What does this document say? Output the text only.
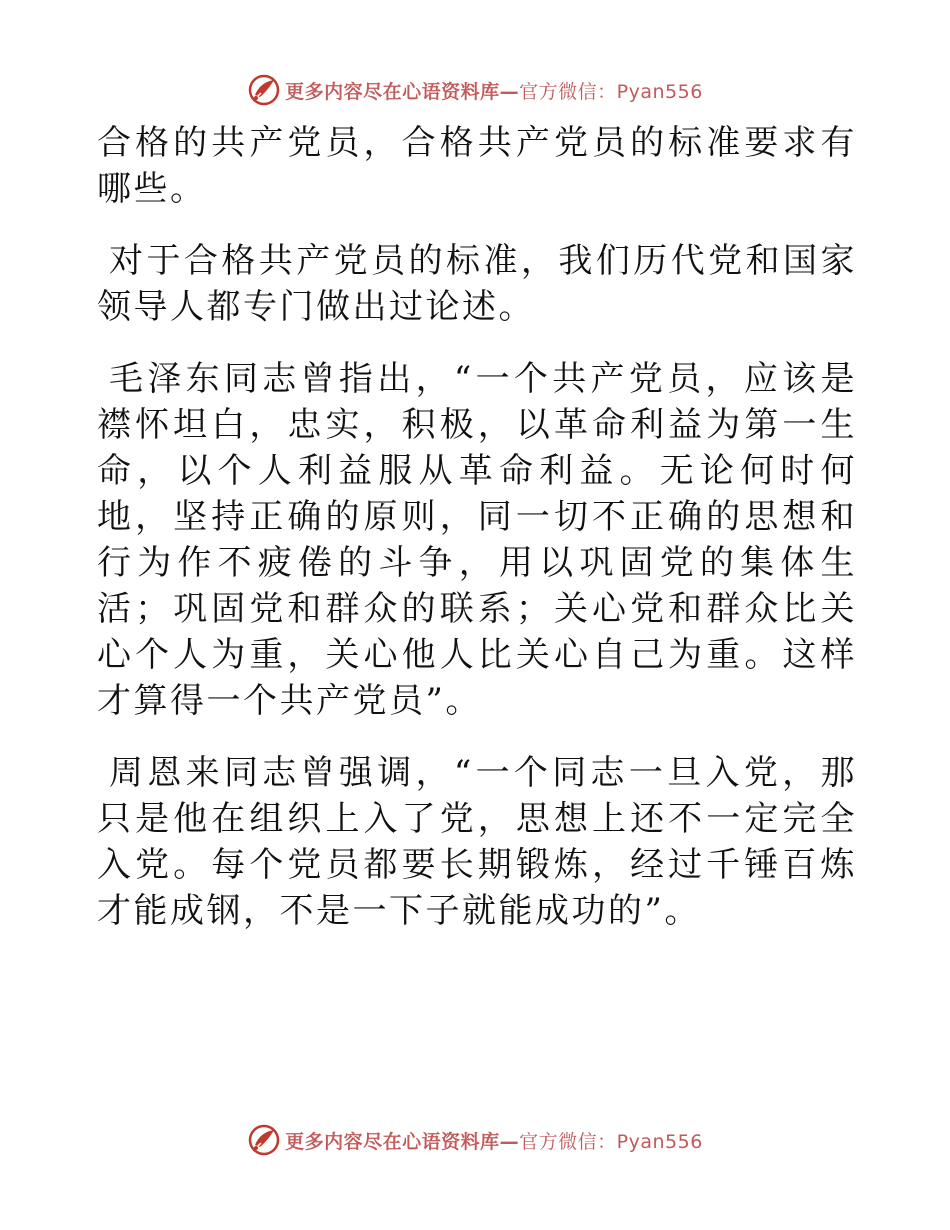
更多内容尽在心语资料库—官方微信：Pyan556

合格的共产党员，合格共产党员的标准要求有哪些。

对于合格共产党员的标准，我们历代党和国家领导人都专门做出过论述。

毛泽东同志曾指出，“一个共产党员，应该是襟怀坦白，忠实，积极，以革命利益为第一生命，以个人利益服从革命利益。无论何时何地，坚持正确的原则，同一切不正确的思想和行为作不疲倦的斗争，用以巩固党的集体生活；巩固党和群众的联系；关心党和群众比关心个人为重，关心他人比关心自己为重。这样才算得一个共产党员”。

周恩来同志曾强调，“一个同志一旦入党，那只是他在组织上入了党，思想上还不一定完全入党。每个党员都要长期锻炼，经过千锤百炼才能成钢，不是一下子就能成功的”。

更多内容尽在心语资料库—官方微信：Pyan556
